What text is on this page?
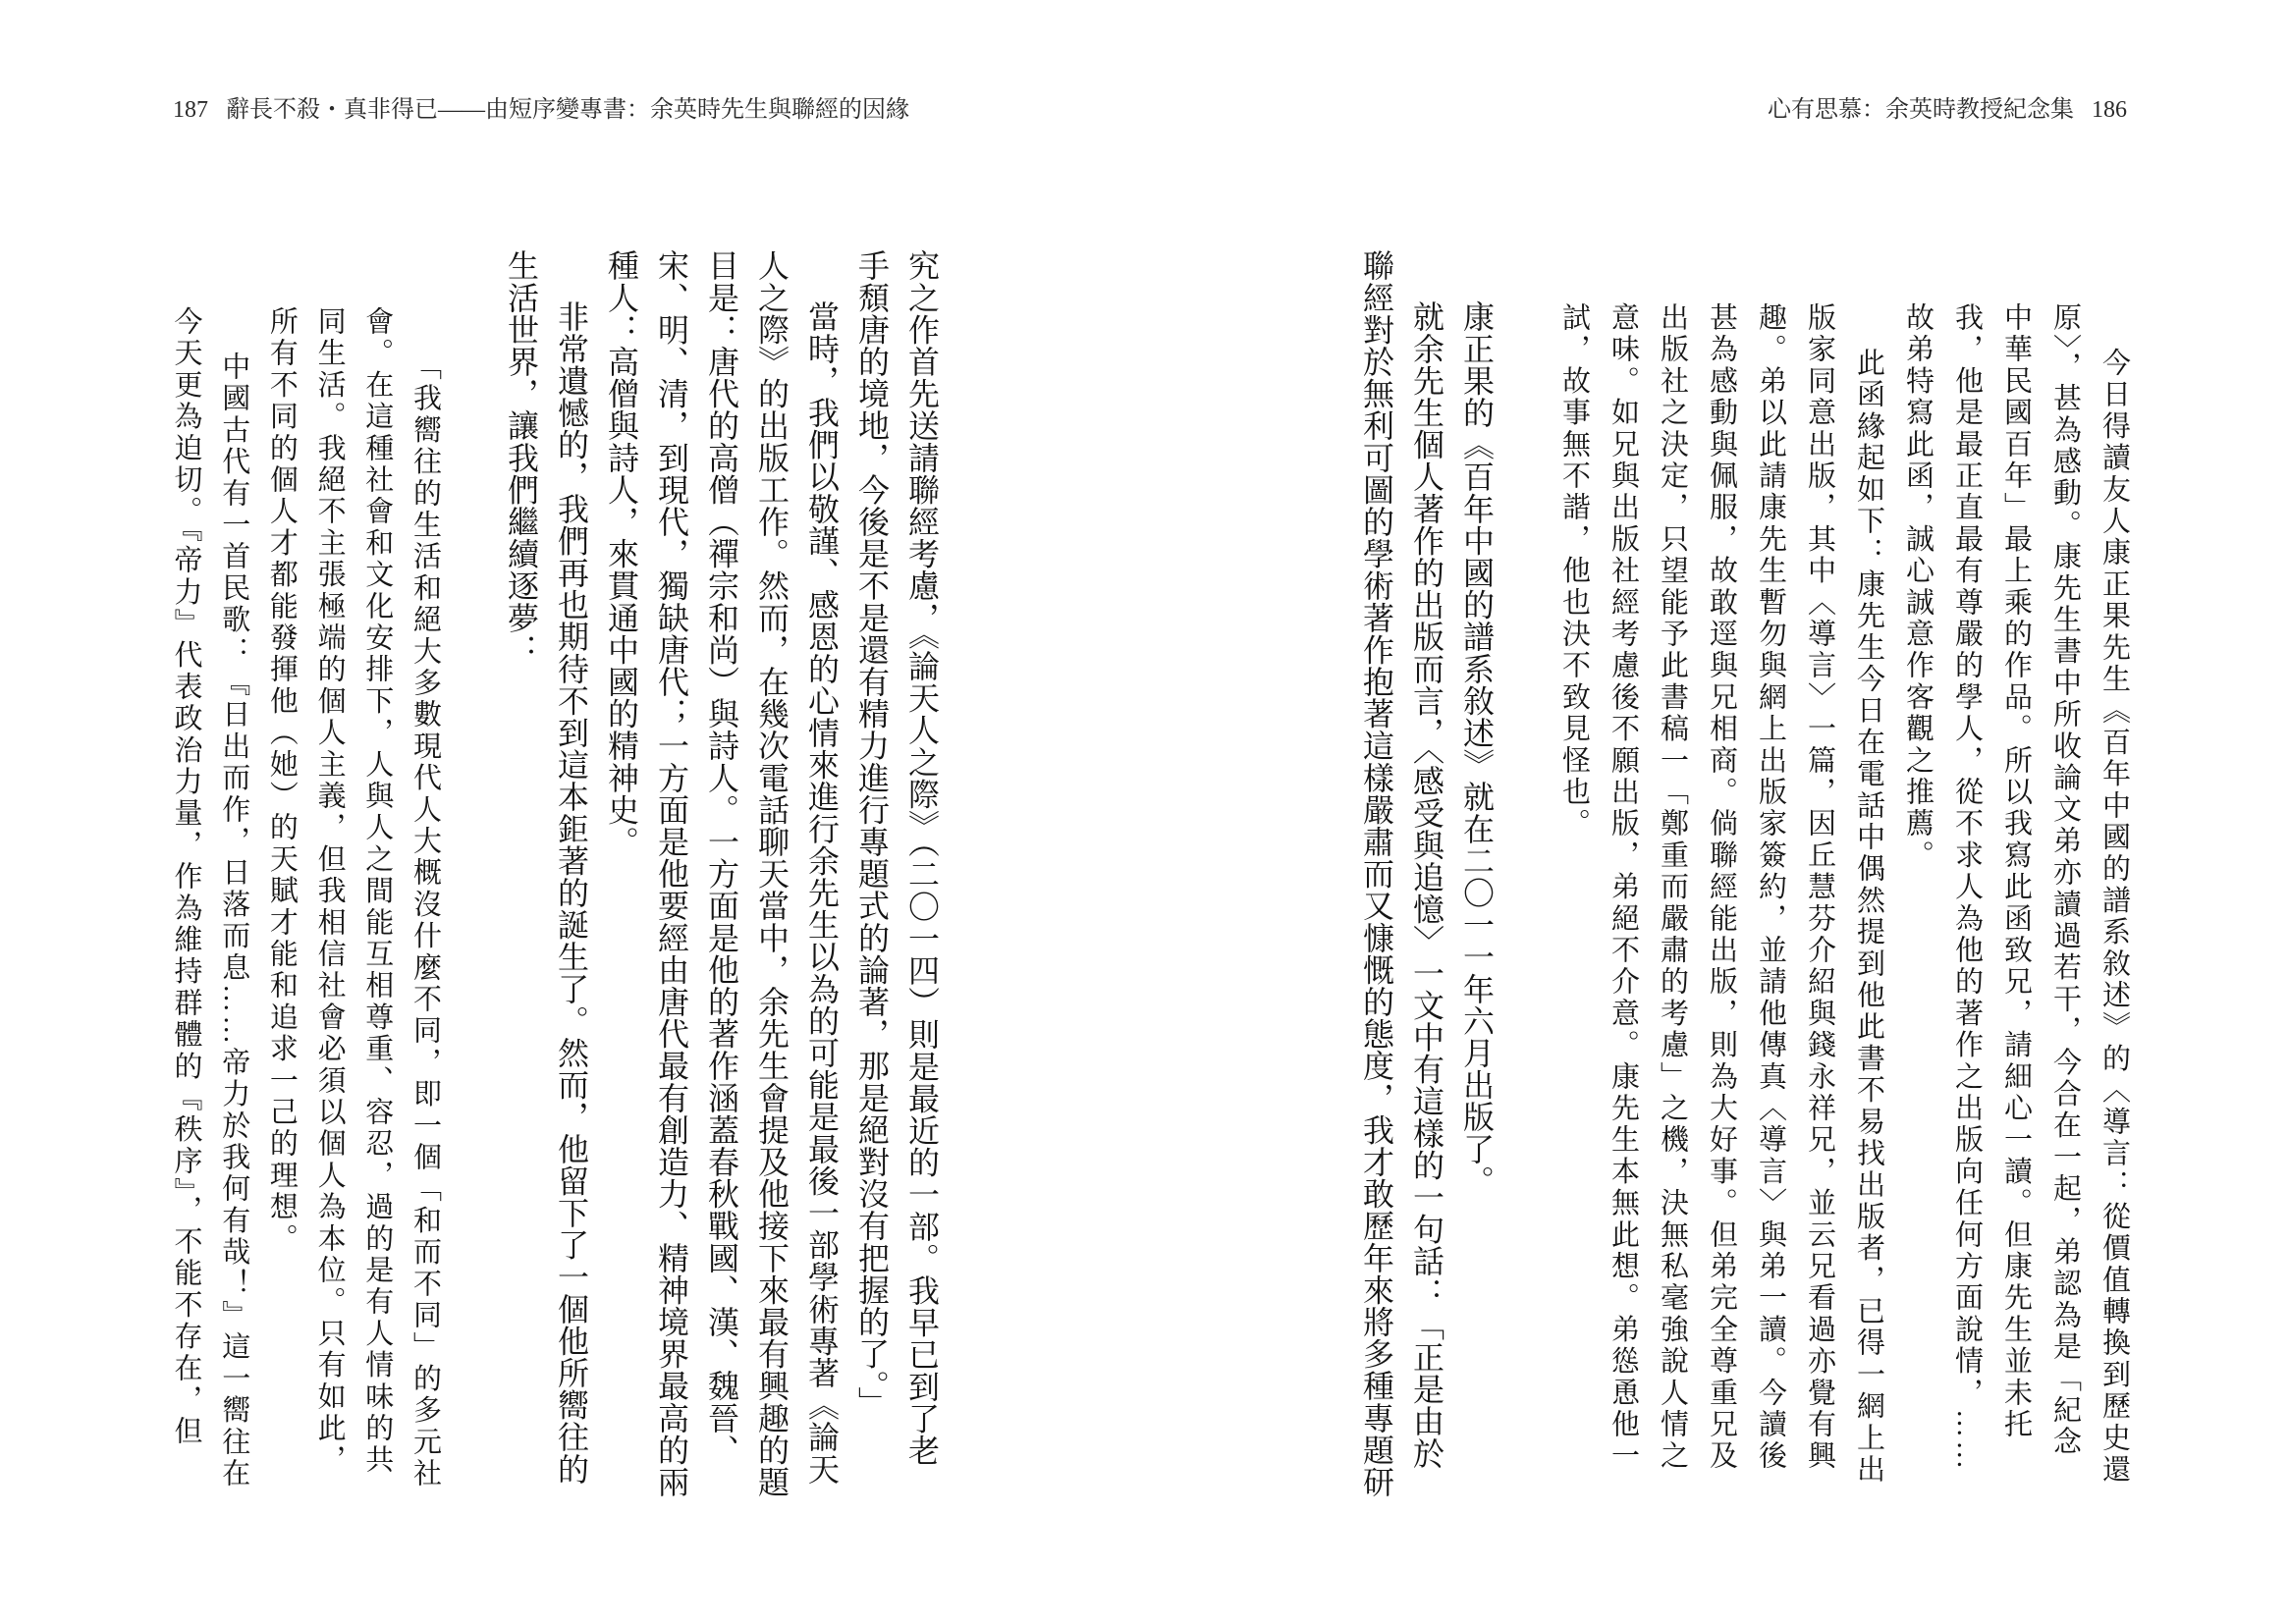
187 辭長不殺・真非得已——由短序變專書：余英時先生與聯經的因緣
究之作首先送請聯經考慮，《論天人之際》（二〇一四）則是最近的一部。我早已到了老
手頹唐的境地，今後是不是還有精力進行專題式的論著，那是絕對沒有把握的了。」
當時，我們以敬謹、感恩的心情來進行余先生以為的可能是最後一部學術專著《論天
人之際》的出版工作。然而，在幾次電話聊天當中，余先生會提及他接下來最有興趣的題
目是：唐代的高僧（禪宗和尚）與詩人。一方面是他的著作涵蓋春秋戰國、漢、魏晉、
宋、明、清，到現代，獨缺唐代；一方面是他要經由唐代最有創造力、精神境界最高的兩
種人：高僧與詩人，來貫通中國的精神史。
非常遺憾的，我們再也期待不到這本鉅著的誕生了。然而，他留下了一個他所嚮往的
生活世界，讓我們繼續逐夢：
「我嚮往的生活和絕大多數現代人大概沒什麼不同，即一個「和而不同」的多元社
會。在這種社會和文化安排下，人與人之間能互相尊重、容忍，過的是有人情味的共
同生活。我絕不主張極端的個人主義，但我相信社會必須以個人為本位。只有如此，
所有不同的個人才都能發揮他（她）的天賦才能和追求一己的理想。
中國古代有一首民歌：『日出而作，日落而息……帝力於我何有哉！』這一嚮往在
今天更為迫切。『帝力』代表政治力量，作為維持群體的『秩序』，不能不存在，但
心有思慕：余英時教授紀念集 186
今日得讀友人康正果先生《百年中國的譜系敘述》的〈導言：從價值轉換到歷史還
原〉，甚為感動。康先生書中所收論文弟亦讀過若干，今合在一起，弟認為是「紀念
中華民國百年」最上乘的作品。所以我寫此函致兄，請細心一讀。但康先生並未托
我，他是最正直最有尊嚴的學人，從不求人為他的著作之出版向任何方面說情，……
故弟特寫此函，誠心誠意作客觀之推薦。
此函緣起如下：康先生今日在電話中偶然提到他此書不易找出版者，已得一網上出
版家同意出版，其中〈導言〉一篇，因丘慧芬介紹與錢永祥兄，並云兄看過亦覺有興
趣。弟以此請康先生暫勿與網上出版家簽約，並請他傳真〈導言〉與弟一讀。今讀後
甚為感動與佩服，故敢逕與兄相商。倘聯經能出版，則為大好事。但弟完全尊重兄及
出版社之決定，只望能予此書稿一「鄭重而嚴肅的考慮」之機，決無私毫強說人情之
意味。如兄與出版社經考慮後不願出版，弟絕不介意。康先生本無此想。弟慫恿他一
試，故事無不諧，他也決不致見怪也。
康正果的《百年中國的譜系敘述》就在二〇一一年六月出版了。
就余先生個人著作的出版而言，〈感受與追憶〉一文中有這樣的一句話：「正是由於
聯經對於無利可圖的學術著作抱著這樣嚴肅而又慷慨的態度，我才敢歷年來將多種專題研
